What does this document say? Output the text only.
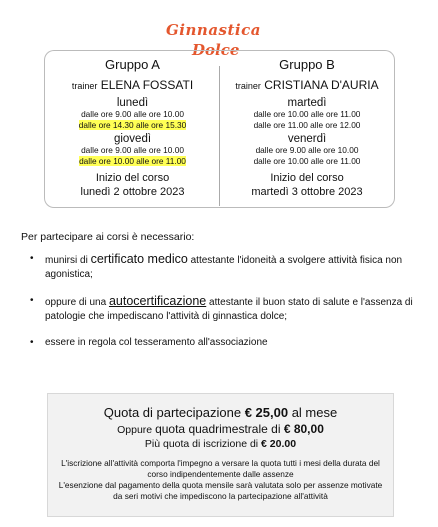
Ginnastica
Dolce
Gruppo A
trainer ELENA FOSSATI
lunedì
dalle ore 9.00 alle ore 10.00
dalle ore 14.30 alle ore 15.30
giovedì
dalle ore 9.00 alle ore 10.00
dalle ore 10.00 alle ore 11.00
Inizio del corso
lunedì 2 ottobre 2023
Gruppo B
trainer CRISTIANA D'AURIA
martedì
dalle ore 10.00 alle ore 11.00
dalle ore 11.00 alle ore 12.00
venerdì
dalle ore 9.00 alle ore 10.00
dalle ore 10.00 alle ore 11.00
Inizio del corso
martedì 3 ottobre 2023
Per partecipare ai corsi è necessario:
• munirsi di certificato medico attestante l'idoneità a svolgere attività fisica non agonistica;
• oppure di una autocertificazione attestante il buon stato di salute e l'assenza di patologie che impediscano l'attività di ginnastica dolce;
• essere in regola col tesseramento all'associazione
Quota di partecipazione € 25,00 al mese
Oppure quota quadrimestrale di € 80,00
Più quota di iscrizione di € 20.00
L'iscrizione all'attività comporta l'impegno a versare la quota tutti i mesi della durata del corso indipendentemente dalle assenze
L'esenzione dal pagamento della quota mensile sarà valutata solo per assenze motivate da seri motivi che impediscono la partecipazione all'attività
